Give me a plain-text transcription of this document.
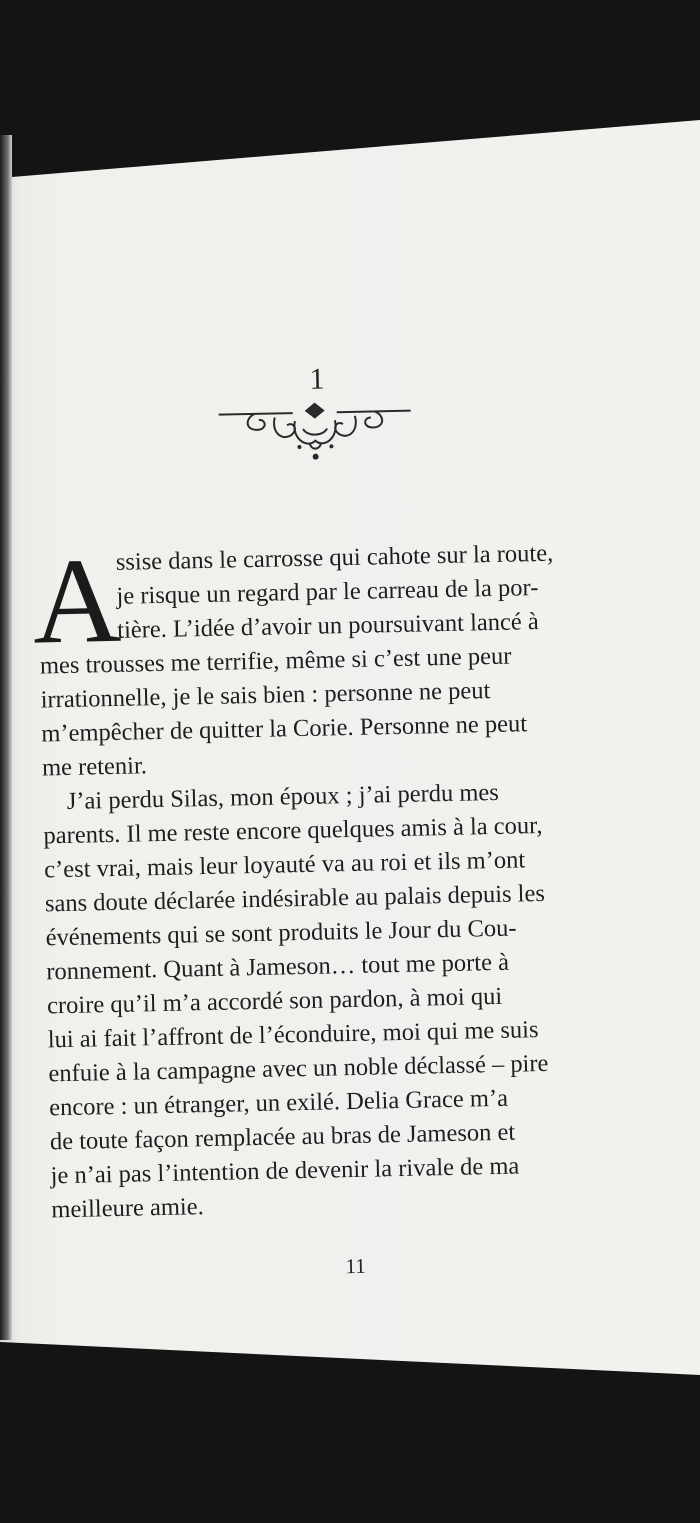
1
A
ssise dans le carrosse qui cahote sur la route,
je risque un regard par le carreau de la por-
tière. L’idée d’avoir un poursuivant lancé à
mes trousses me terrifie, même si c’est une peur
irrationnelle, je le sais bien : personne ne peut
m’empêcher de quitter la Corie. Personne ne peut
me retenir.
J’ai perdu Silas, mon époux ; j’ai perdu mes
parents. Il me reste encore quelques amis à la cour,
c’est vrai, mais leur loyauté va au roi et ils m’ont
sans doute déclarée indésirable au palais depuis les
événements qui se sont produits le Jour du Cou-
ronnement. Quant à Jameson… tout me porte à
croire qu’il m’a accordé son pardon, à moi qui
lui ai fait l’affront de l’éconduire, moi qui me suis
enfuie à la campagne avec un noble déclassé – pire
encore : un étranger, un exilé. Delia Grace m’a
de toute façon remplacée au bras de Jameson et
je n’ai pas l’intention de devenir la rivale de ma
meilleure amie.
11
